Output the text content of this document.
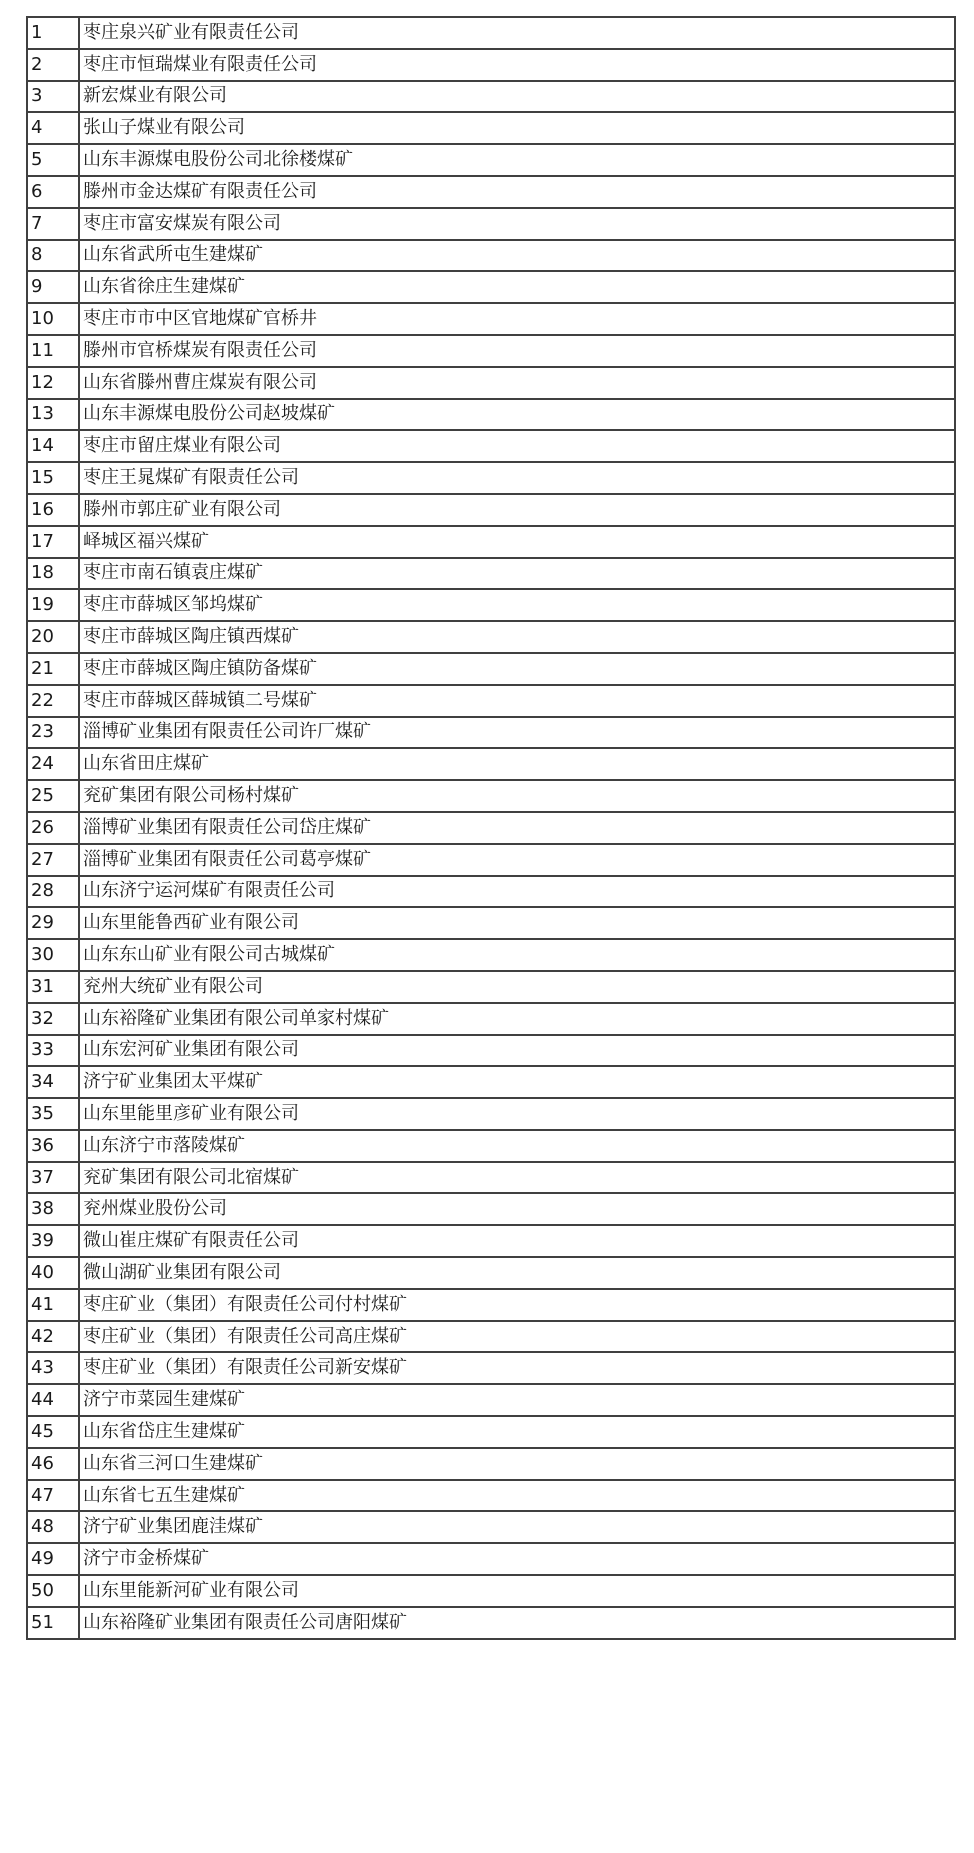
1	枣庄泉兴矿业有限责任公司
2	枣庄市恒瑞煤业有限责任公司
3	新宏煤业有限公司
4	张山子煤业有限公司
5	山东丰源煤电股份公司北徐楼煤矿
6	滕州市金达煤矿有限责任公司
7	枣庄市富安煤炭有限公司
8	山东省武所屯生建煤矿
9	山东省徐庄生建煤矿
10	枣庄市市中区官地煤矿官桥井
11	滕州市官桥煤炭有限责任公司
12	山东省滕州曹庄煤炭有限公司
13	山东丰源煤电股份公司赵坡煤矿
14	枣庄市留庄煤业有限公司
15	枣庄王晁煤矿有限责任公司
16	滕州市郭庄矿业有限公司
17	峄城区福兴煤矿
18	枣庄市南石镇袁庄煤矿
19	枣庄市薛城区邹坞煤矿
20	枣庄市薛城区陶庄镇西煤矿
21	枣庄市薛城区陶庄镇防备煤矿
22	枣庄市薛城区薛城镇二号煤矿
23	淄博矿业集团有限责任公司许厂煤矿
24	山东省田庄煤矿
25	兖矿集团有限公司杨村煤矿
26	淄博矿业集团有限责任公司岱庄煤矿
27	淄博矿业集团有限责任公司葛亭煤矿
28	山东济宁运河煤矿有限责任公司
29	山东里能鲁西矿业有限公司
30	山东东山矿业有限公司古城煤矿
31	兖州大统矿业有限公司
32	山东裕隆矿业集团有限公司单家村煤矿
33	山东宏河矿业集团有限公司
34	济宁矿业集团太平煤矿
35	山东里能里彦矿业有限公司
36	山东济宁市落陵煤矿
37	兖矿集团有限公司北宿煤矿
38	兖州煤业股份公司
39	微山崔庄煤矿有限责任公司
40	微山湖矿业集团有限公司
41	枣庄矿业（集团）有限责任公司付村煤矿
42	枣庄矿业（集团）有限责任公司高庄煤矿
43	枣庄矿业（集团）有限责任公司新安煤矿
44	济宁市菜园生建煤矿
45	山东省岱庄生建煤矿
46	山东省三河口生建煤矿
47	山东省七五生建煤矿
48	济宁矿业集团鹿洼煤矿
49	济宁市金桥煤矿
50	山东里能新河矿业有限公司
51	山东裕隆矿业集团有限责任公司唐阳煤矿
